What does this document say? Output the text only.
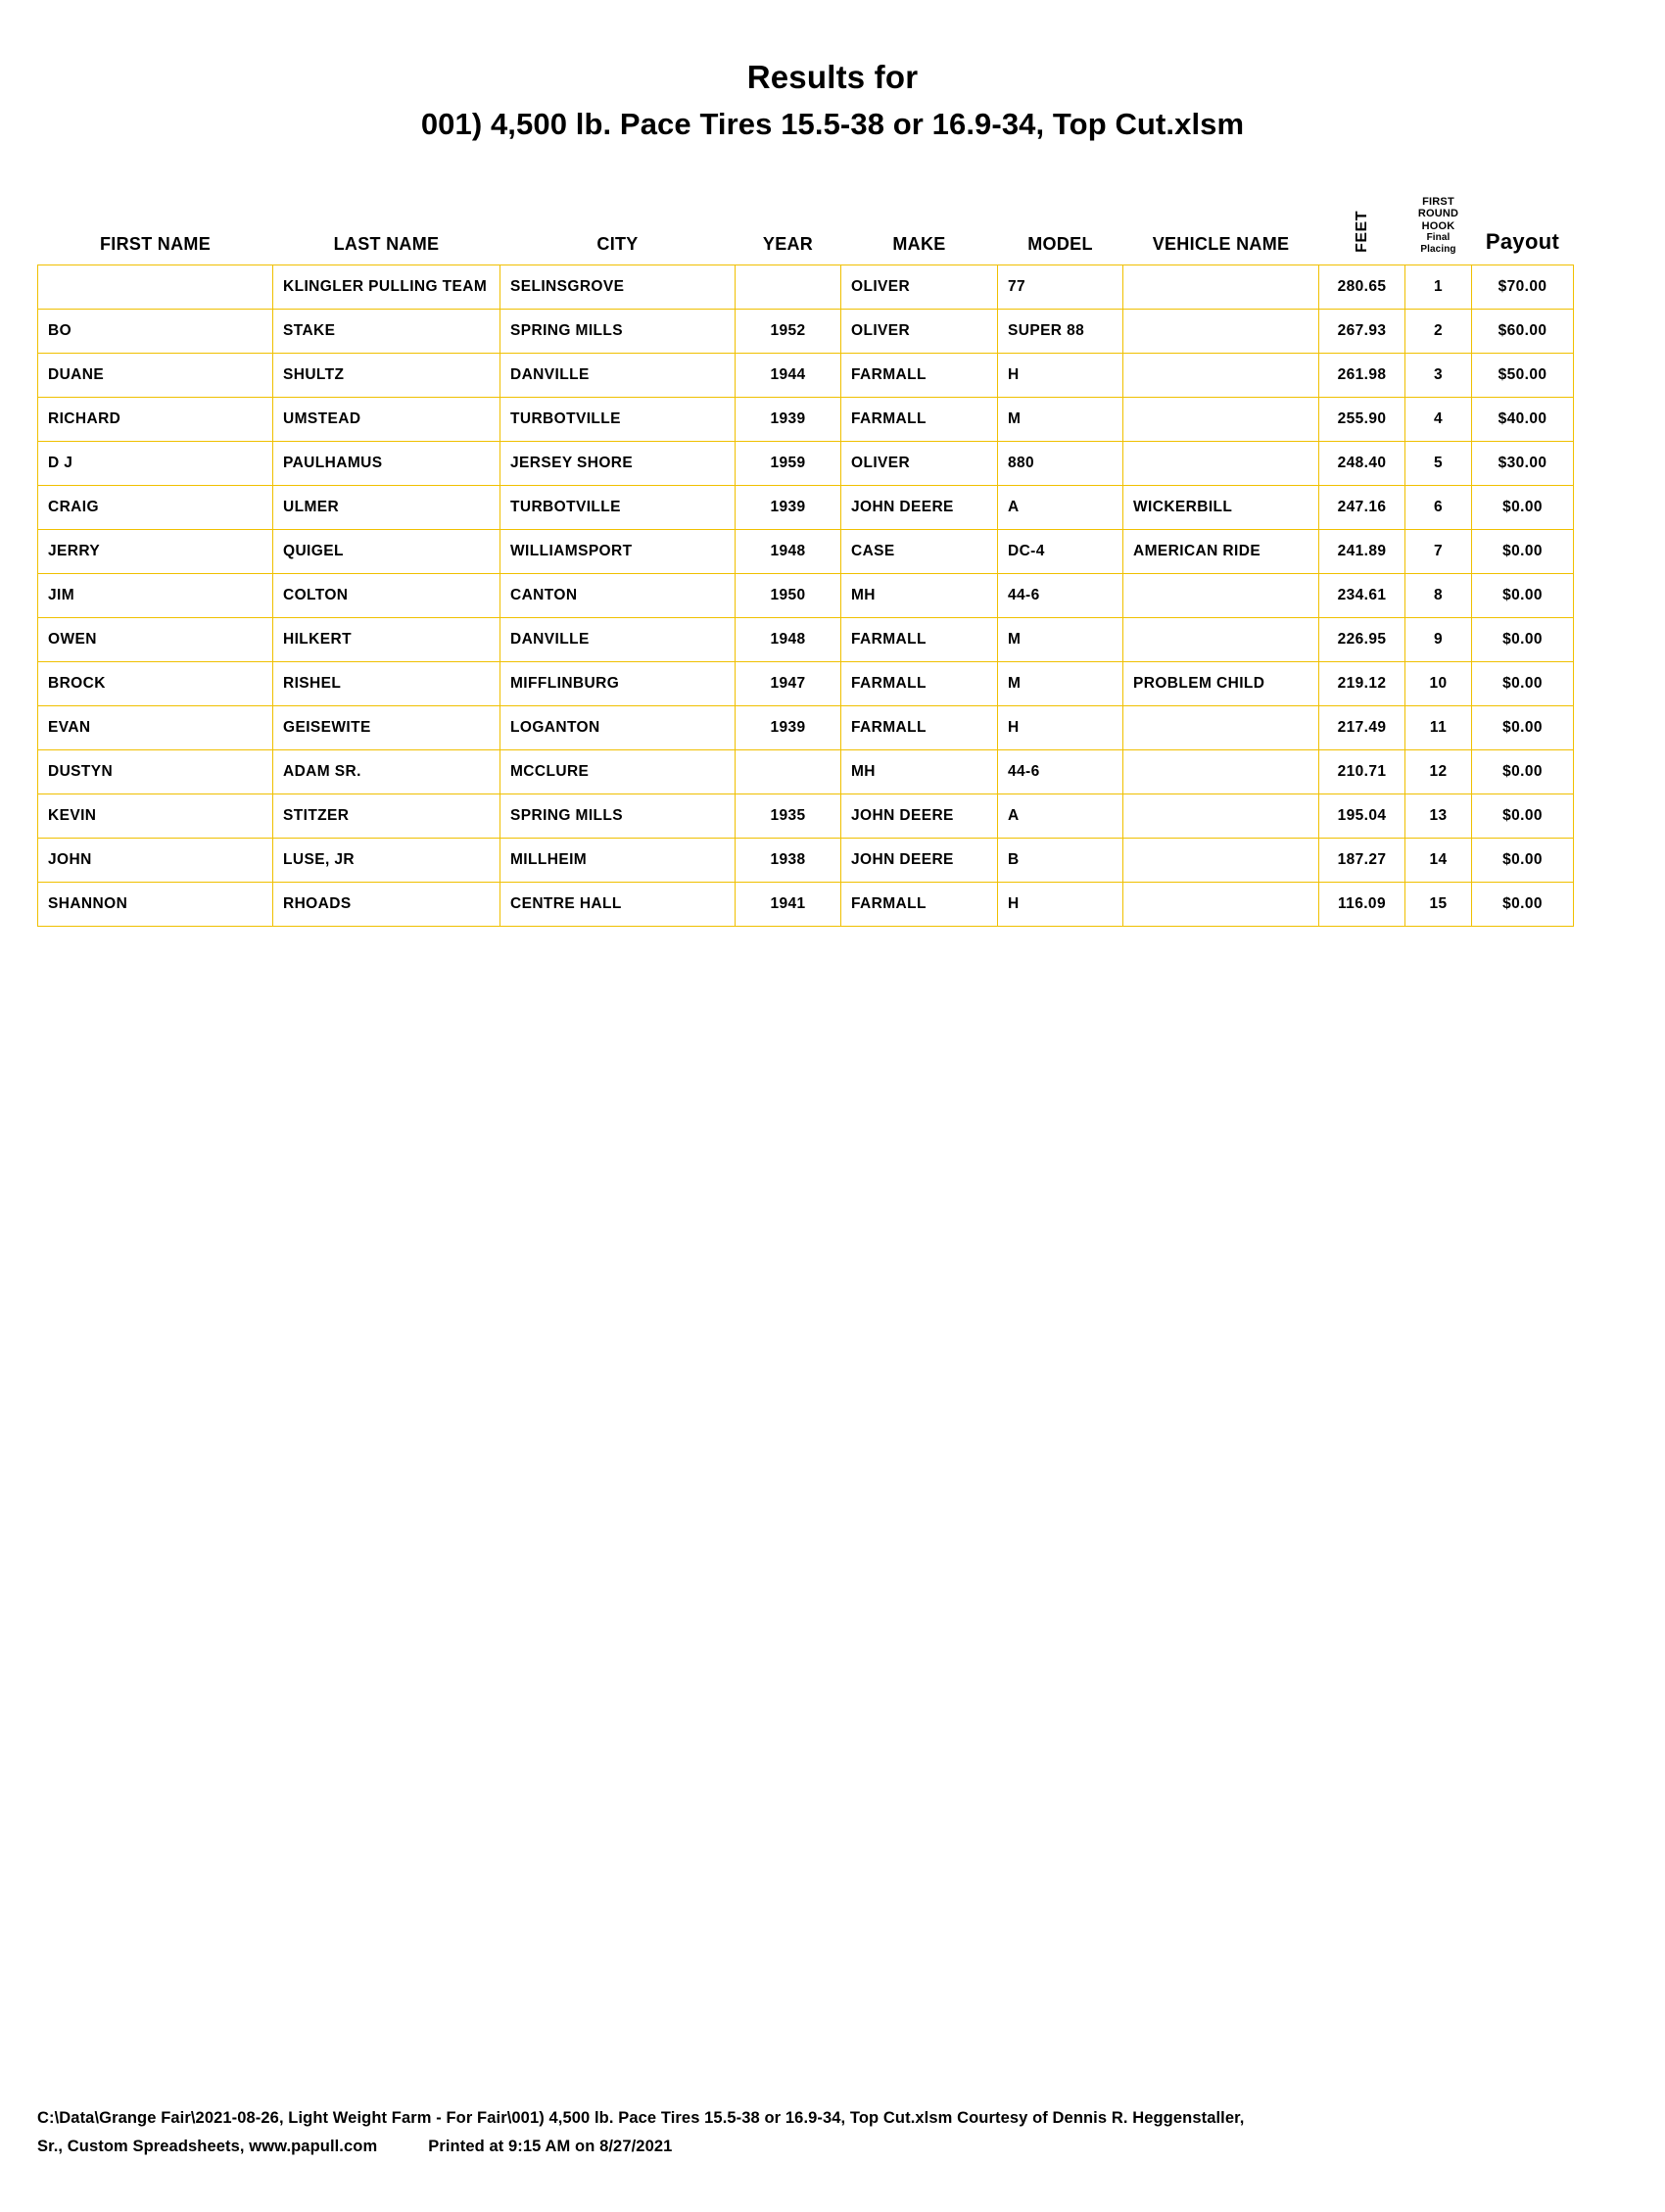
Results for
001) 4,500 lb. Pace Tires 15.5-38 or 16.9-34, Top Cut.xlsm
FIRST NAME	LAST NAME	CITY	YEAR	MAKE	MODEL	VEHICLE NAME	FEET	FIRST ROUND
HOOK
Final Placing	Payout
	KLINGLER PULLING TEAM	SELINSGROVE		OLIVER	77		280.65	1	$70.00
BO	STAKE	SPRING MILLS	1952	OLIVER	SUPER 88		267.93	2	$60.00
DUANE	SHULTZ	DANVILLE	1944	FARMALL	H		261.98	3	$50.00
RICHARD	UMSTEAD	TURBOTVILLE	1939	FARMALL	M		255.90	4	$40.00
D J	PAULHAMUS	JERSEY SHORE	1959	OLIVER	880		248.40	5	$30.00
CRAIG	ULMER	TURBOTVILLE	1939	JOHN DEERE	A	WICKERBILL	247.16	6	$0.00
JERRY	QUIGEL	WILLIAMSPORT	1948	CASE	DC-4	AMERICAN RIDE	241.89	7	$0.00
JIM	COLTON	CANTON	1950	MH	44-6		234.61	8	$0.00
OWEN	HILKERT	DANVILLE	1948	FARMALL	M		226.95	9	$0.00
BROCK	RISHEL	MIFFLINBURG	1947	FARMALL	M	PROBLEM CHILD	219.12	10	$0.00
EVAN	GEISEWITE	LOGANTON	1939	FARMALL	H		217.49	11	$0.00
DUSTYN	ADAM SR.	MCCLURE		MH	44-6		210.71	12	$0.00
KEVIN	STITZER	SPRING MILLS	1935	JOHN DEERE	A		195.04	13	$0.00
JOHN	LUSE, JR	MILLHEIM	1938	JOHN DEERE	B		187.27	14	$0.00
SHANNON	RHOADS	CENTRE HALL	1941	FARMALL	H		116.09	15	$0.00
C:\Data\Grange Fair\2021-08-26, Light Weight Farm - For Fair\001) 4,500 lb. Pace Tires 15.5-38 or 16.9-34, Top Cut.xlsm Courtesy of Dennis R. Heggenstaller,
Sr., Custom Spreadsheets, www.papull.com	Printed at 9:15 AM on 8/27/2021
